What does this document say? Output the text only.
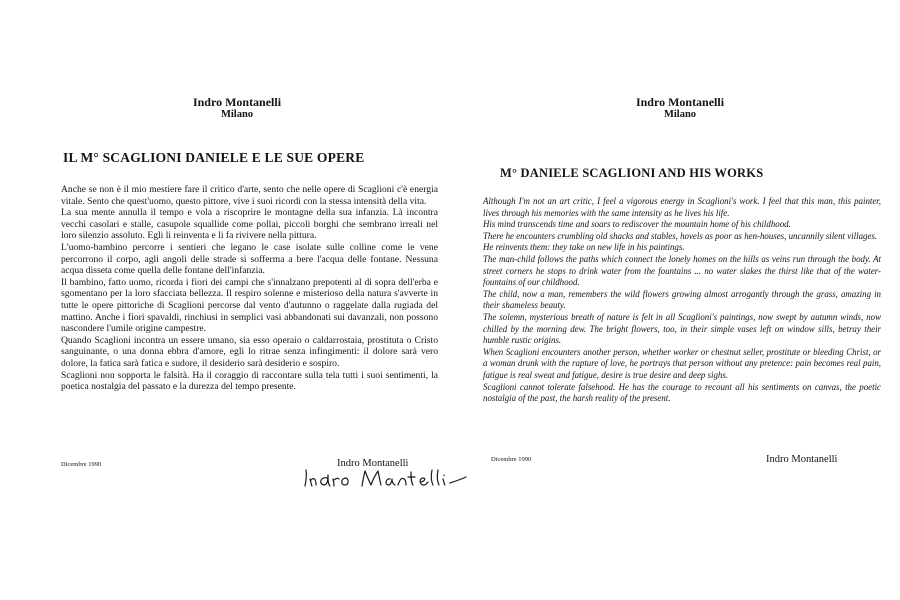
Indro Montanelli
Milano
IL M° SCAGLIONI DANIELE E LE SUE OPERE

Anche se non è il mio mestiere fare il critico d'arte, sento che nelle opere di Scaglioni c'è energia vitale. Sento che quest'uomo, questo pittore, vive i suoi ricordi con la stessa intensità della vita.

La sua mente annulla il tempo e vola a riscoprire le montagne della sua infanzia. Là incontra vecchi casolari e stalle, casupole squallide come pollai, piccoli borghi che sembrano irreali nel loro silenzio assoluto. Egli li reinventa e li fa rivivere nella pittura.

L'uomo-bambino percorre i sentieri che legano le case isolate sulle colline come le vene percorrono il corpo, agli angoli delle strade si sofferma a bere l'acqua delle fontane. Nessuna acqua disseta come quella delle fontane dell'infanzia.

Il bambino, fatto uomo, ricorda i fiori dei campi che s'innalzano prepotenti al di sopra dell'erba e sgomentano per la loro sfacciata bellezza. Il respiro solenne e misterioso della natura s'avverte in tutte le opere pittoriche di Scaglioni percorse dal vento d'autunno o raggelate dalla rugiada del mattino. Anche i fiori spavaldi, rinchiusi in semplici vasi abbandonati sui davanzali, non possono nascondere l'umile origine campestre.

Quando Scaglioni incontra un essere umano, sia esso operaio o caldarrostaia, prostituta o Cristo sanguinante, o una donna ebbra d'amore, egli lo ritrae senza infingimenti: il dolore sarà vero dolore, la fatica sarà fatica e sudore, il desiderio sarà desiderio e sospiro.

Scaglioni non sopporta le falsità. Ha il coraggio di raccontare sulla tela tutti i suoi sentimenti, la poetica nostalgia del passato e la durezza del tempo presente.

Dicembre 1990	Indro Montanelli
Indro Montanelli
Milano
M° DANIELE SCAGLIONI AND HIS WORKS

Although I'm not an art critic, I feel a vigorous energy in Scaglioni's work. I feel that this man, this painter, lives through his memories with the same intensity as he lives his life.

His mind transcends time and soars to rediscover the mountain home of his childhood.

There he encounters crumbling old shacks and stables, hovels as poor as hen-houses, uncannily silent villages.

He reinvents them: they take on new life in his paintings.

The man-child follows the paths which connect the lonely homes on the hills as veins run through the body. At street corners he stops to drink water from the fountains ... no water slakes the thirst like that of the water-fountains of our childhood.

The child, now a man, remembers the wild flowers growing almost arrogantly through the grass, amazing in their shameless beauty.

The solemn, mysterious breath of nature is felt in all Scaglioni's paintings, now swept by autumn winds, now chilled by the morning dew. The bright flowers, too, in their simple vases left on window sills, betray their humble rustic origins.

When Scaglioni encounters another person, whether worker or chestnut seller, prostitute or bleeding Christ, or a woman drunk with the rapture of love, he portrays that person without any pretence: pain becomes real pain, fatigue is real sweat and fatigue, desire is true desire and deep sighs.

Scaglioni cannot tolerate falsehood. He has the courage to recount all his sentiments on canvas, the poetic nostalgia of the past, the harsh reality of the present.

Dicembre 1990	Indro Montanelli
